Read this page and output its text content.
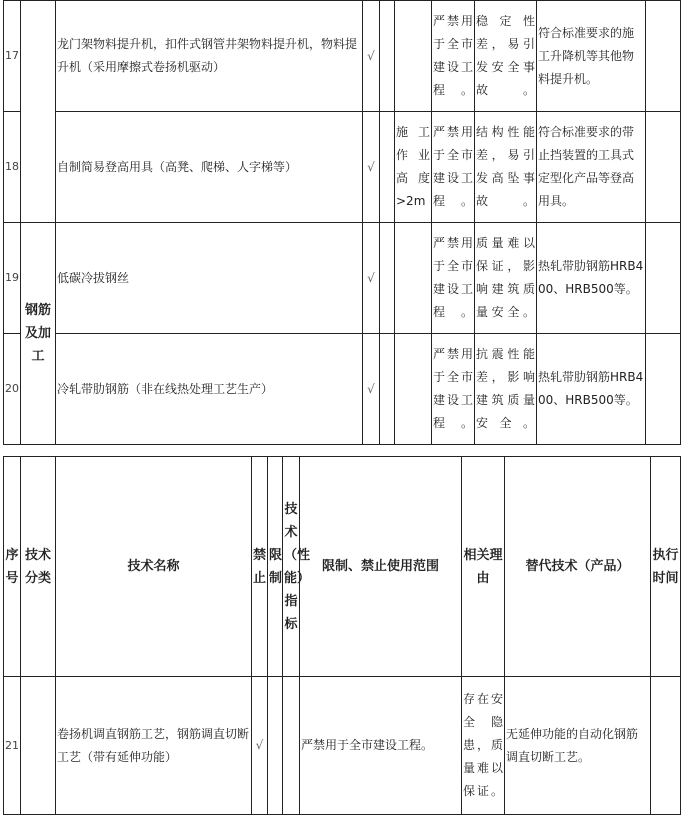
17		龙门架物料提升机，扣件式钢管井架物料提升机，物料提升机（采用摩擦式卷扬机驱动）	√			严禁用于全市建设工程。	稳定性差，易引发安全事故。	符合标准要求的施工升降机等其他物料提升机。	
18		自制简易登高用具（高凳、爬梯、人字梯等）	√		施工作业高度>2m	严禁用于全市建设工程。	结构性能差，易引发高坠事故。	符合标准要求的带止挡装置的工具式定型化产品等登高用具。	
19	钢筋及加工	低碳冷拔钢丝	√			严禁用于全市建设工程。	质量难以保证，影响建筑质量安全。	热轧带肋钢筋HRB400、HRB500等。	
20		冷轧带肋钢筋（非在线热处理工艺生产）	√			严禁用于全市建设工程。	抗震性能差，影响建筑质量安全。	热轧带肋钢筋HRB400、HRB500等。	
序号	技术分类	技术名称	禁止	限制	技术（性能）指标	限制、禁止使用范围	相关理由	替代技术（产品）	执行时间
21		卷扬机调直钢筋工艺，钢筋调直切断工艺（带有延伸功能）	√			严禁用于全市建设工程。	存在安全隐患，质量难以保证。	无延伸功能的自动化钢筋调直切断工艺。	
